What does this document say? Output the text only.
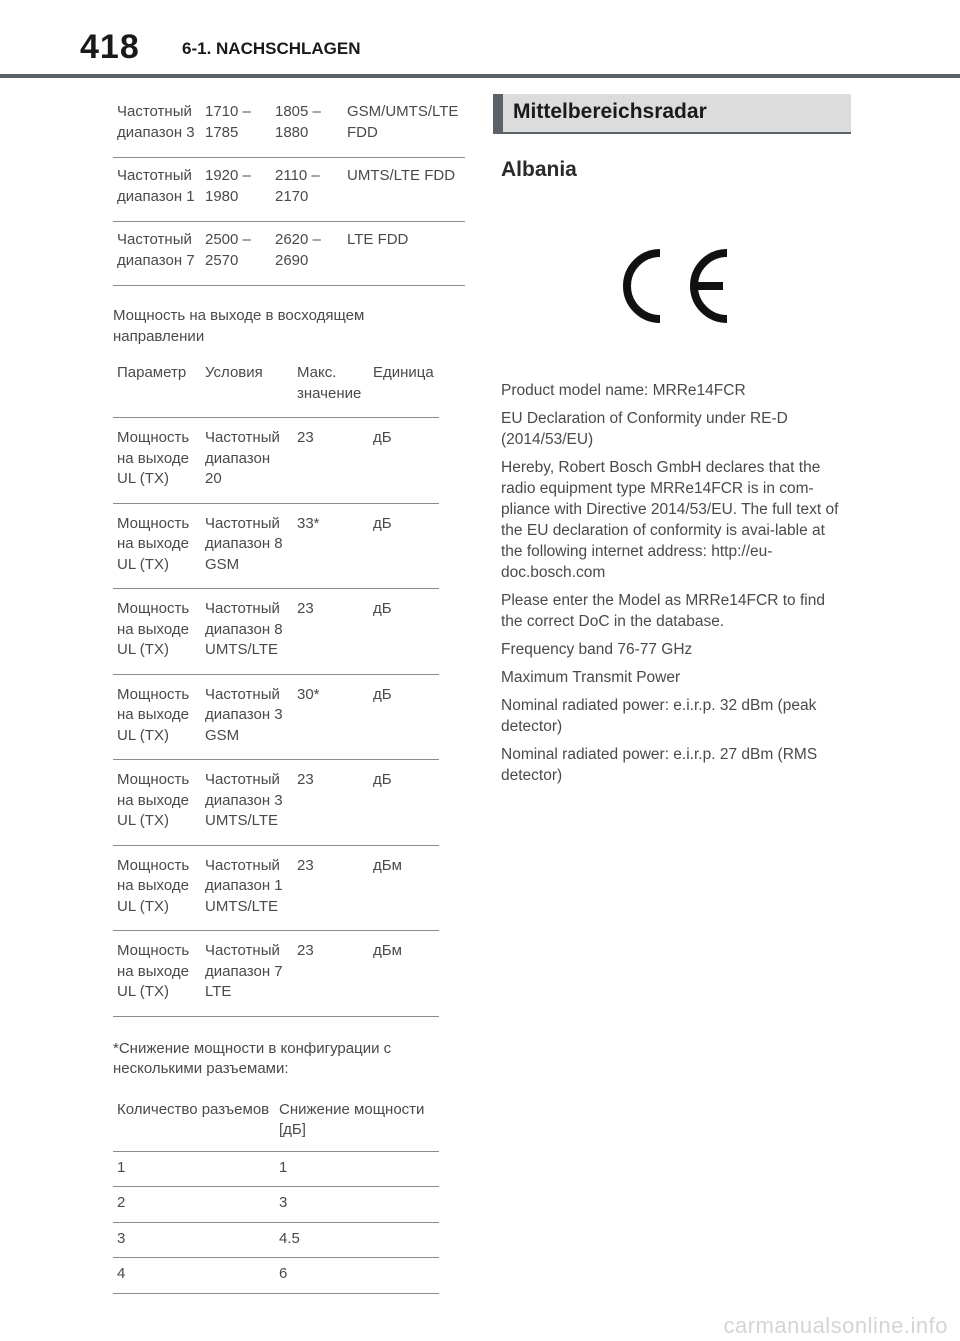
418 6-1. NACHSCHLAGEN
Частотный диапазон 3	1710 – 1785	1805 – 1880	GSM/UMTS/LTE FDD
Частотный диапазон 1	1920 – 1980	2110 – 2170	UMTS/LTE FDD
Частотный диапазон 7	2500 – 2570	2620 – 2690	LTE FDD

Мощность на выходе в восходящем направлении

Параметр	Условия	Макс. значение	Единица
Мощность на выходе UL (TX)	Частотный диапазон 20	23	дБ
Мощность на выходе UL (TX)	Частотный диапазон 8 GSM	33*	дБ
Мощность на выходе UL (TX)	Частотный диапазон 8 UMTS/LTE	23	дБ
Мощность на выходе UL (TX)	Частотный диапазон 3 GSM	30*	дБ
Мощность на выходе UL (TX)	Частотный диапазон 3 UMTS/LTE	23	дБ
Мощность на выходе UL (TX)	Частотный диапазон 1 UMTS/LTE	23	дБм
Мощность на выходе UL (TX)	Частотный диапазон 7 LTE	23	дБм

*Снижение мощности в конфигурации с несколькими разъемами:

Количество разъемов	Снижение мощности [дБ]
1	1
2	3
3	4.5
4	6
Mittelbereichsradar
Albania

Product model name: MRRe14FCR

EU Declaration of Conformity under RE-D (2014/53/EU)

Hereby, Robert Bosch GmbH declares that the radio equipment type MRRe14FCR is in com-pliance with Directive 2014/53/EU. The full text of the EU declaration of conformity is avai-lable at the following internet address: http://eu-doc.bosch.com

Please enter the Model as MRRe14FCR to find the correct DoC in the database.

Frequency band 76-77 GHz

Maximum Transmit Power

Nominal radiated power: e.i.r.p. 32 dBm (peak detector)

Nominal radiated power: e.i.r.p. 27 dBm (RMS detector)

carmanualsonline.info
